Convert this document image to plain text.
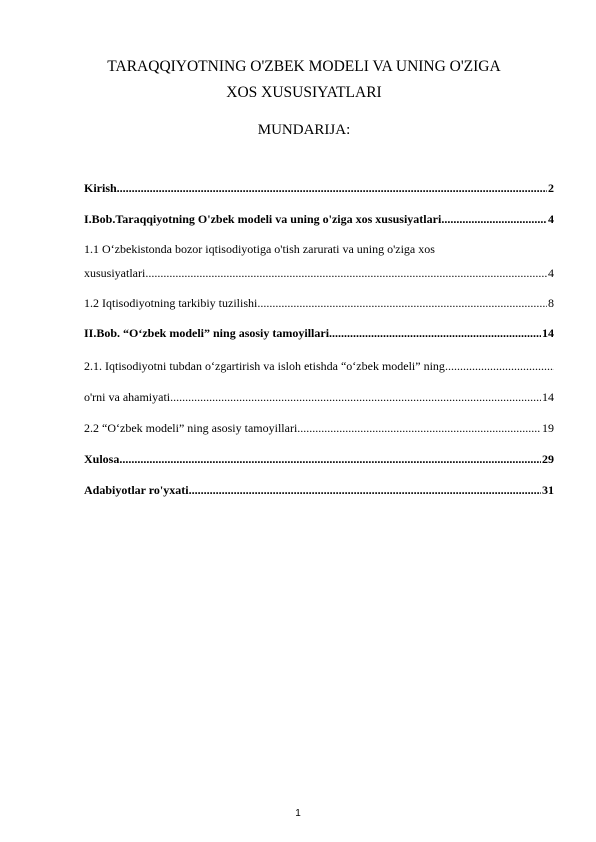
TARAQQIYOTNING O'ZBEK MODELI VA UNING O'ZIGA
XOS XUSUSIYATLARI
MUNDARIJA:
Kirish .....	2
I.Bob.Taraqqiyotning O'zbek modeli va uning o'ziga xos xususiyatlari .....	4
1.1 Oʻzbekistonda bozor iqtisodiyotiga o'tish zarurati va uning o'ziga xos
xususiyatlari .....	4
1.2 Iqtisodiyotning tarkibiy tuzilishi .....	8
II.Bob. “Oʻzbek modeli” ning asosiy tamoyillari .....	14
2.1. Iqtisodiyotni tubdan oʻzgartirish va isloh etishda “oʻzbek modeli” ning
.....
o'rni va ahamiyati .....	14
2.2 “Oʻzbek modeli” ning asosiy tamoyillari .....	19
Xulosa .....	29
Adabiyotlar ro'yxati .....	31
1
